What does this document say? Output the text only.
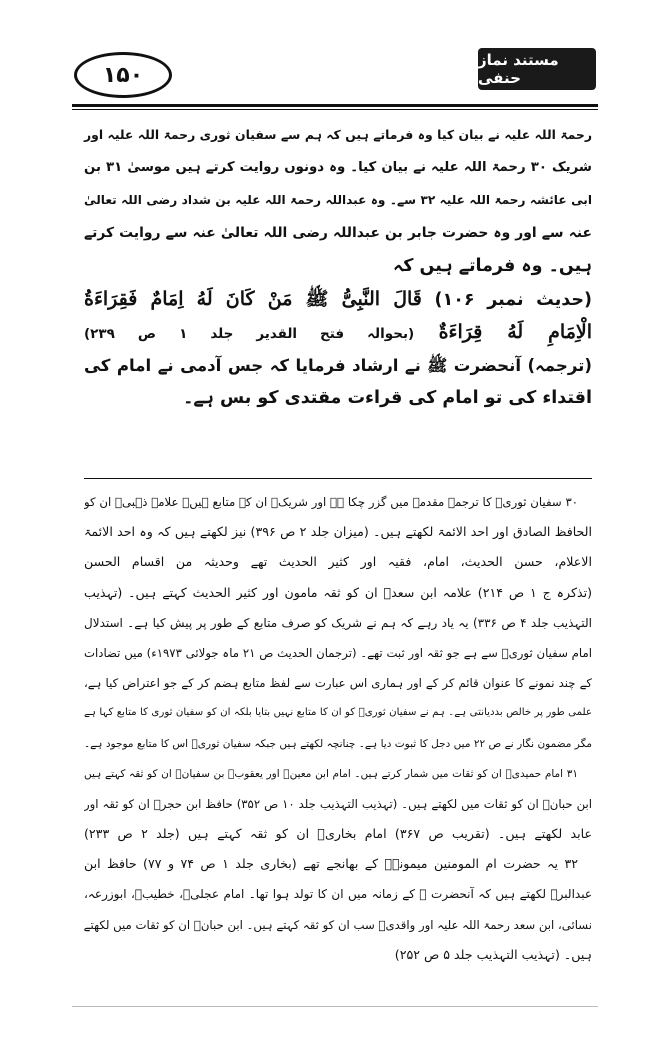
۱۵۰
مستند نماز حنفی
رحمۃ اللہ علیہ نے بیان کیا وہ فرماتے ہیں کہ ہم سے سفیان ثوری رحمۃ اللہ علیہ اور
شریک ۳۰ رحمۃ اللہ علیہ نے بیان کیا۔ وہ دونوں روایت کرتے ہیں موسیٰ ۳۱ بن
ابی عائشہ رحمۃ اللہ علیہ ۳۲ سے۔ وہ عبداللہ رحمۃ اللہ علیہ بن شداد رضی اللہ تعالیٰ
عنہ سے اور وہ حضرت جابر بن عبداللہ رضی اللہ تعالیٰ عنہ سے روایت کرتے
ہیں۔ وہ فرماتے ہیں کہ
(حدیث نمبر ۱۰۶) قَالَ النَّبِیُّ ﷺ مَنْ كَانَ لَهُ اِمَامٌ فَقِرَاءَةُ
الْاِمَامِ لَهُ قِرَاءَةٌ (بحوالہ فتح القدیر جلد ۱ ص ۲۳۹)
(ترجمہ) آنحضرت ﷺ نے ارشاد فرمایا کہ جس آدمی نے امام کی
اقتداء کی تو امام کی قراءت مقتدی کو بس ہے۔
۳۰ سفیان ثوریؒ کا ترجمہ مقدمہ میں گزر چکا ہے اور شریکؒ ان کے متابع ہیں۔ علامہ ذہبیؒ ان کو
الحافظ الصادق اور احد الائمۃ لکھتے ہیں۔ (میزان جلد ۲ ص ۳۹۶) نیز لکھتے ہیں کہ وہ احد الائمۃ
الاعلام، حسن الحدیث، امام، فقیہ اور کثیر الحدیث تھے وحدیثہ من اقسام الحسن
(تذکرہ ج ۱ ص ۲۱۴) علامہ ابن سعدؒ ان کو ثقہ مامون اور کثیر الحدیث کہتے ہیں۔ (تہذیب
التہذیب جلد ۴ ص ۳۳۶) یہ یاد رہے کہ ہم نے شریک کو صرف متابع کے طور پر پیش کیا ہے۔ استدلال
امام سفیان ثوریؒ سے ہے جو ثقہ اور ثبت تھے۔ (ترجمان الحدیث ص ۲۱ ماہ جولائی ۱۹۷۳ء) میں تضادات
کے چند نمونے کا عنوان قائم کر کے اور ہماری اس عبارت سے لفظ متابع ہضم کر کے جو اعتراض کیا ہے،
علمی طور پر خالص بددیانتی ہے۔ ہم نے سفیان ثوریؒ کو ان کا متابع نہیں بتایا بلکہ ان کو سفیان ثوری کا متابع کہا ہے
مگر مضمون نگار نے ص ۲۲ میں دجل کا ثبوت دیا ہے۔ چنانچہ لکھتے ہیں جبکہ سفیان ثوریؒ اس کا متابع موجود ہے۔
۳۱ امام حمیدیؒ ان کو ثقات میں شمار کرتے ہیں۔ امام ابن معینؒ اور یعقوبؒ بن سفیانؒ ان کو ثقہ کہتے ہیں
ابن حبانؒ ان کو ثقات میں لکھتے ہیں۔ (تہذیب التہذیب جلد ۱۰ ص ۳۵۲) حافظ ابن حجرؒ ان کو ثقہ اور
عابد لکھتے ہیں۔ (تقریب ص ۳۶۷) امام بخاریؒ ان کو ثقہ کہتے ہیں (جلد ۲ ص ۲۳۳)
۳۲ یہ حضرت ام المومنین میمونہؓ کے بھانجے تھے (بخاری جلد ۱ ص ۷۴ و ۷۷) حافظ ابن
عبدالبرؒ لکھتے ہیں کہ آنحضرت ﷺ کے زمانہ میں ان کا تولد ہوا تھا۔ امام عجلیؒ، خطیبؒ، ابوزرعہ،
نسائی، ابن سعد رحمۃ اللہ علیہ اور واقدیؒ سب ان کو ثقہ کہتے ہیں۔ ابن حبانؒ ان کو ثقات میں لکھتے
ہیں۔ (تہذیب التہذیب جلد ۵ ص ۲۵۲)
